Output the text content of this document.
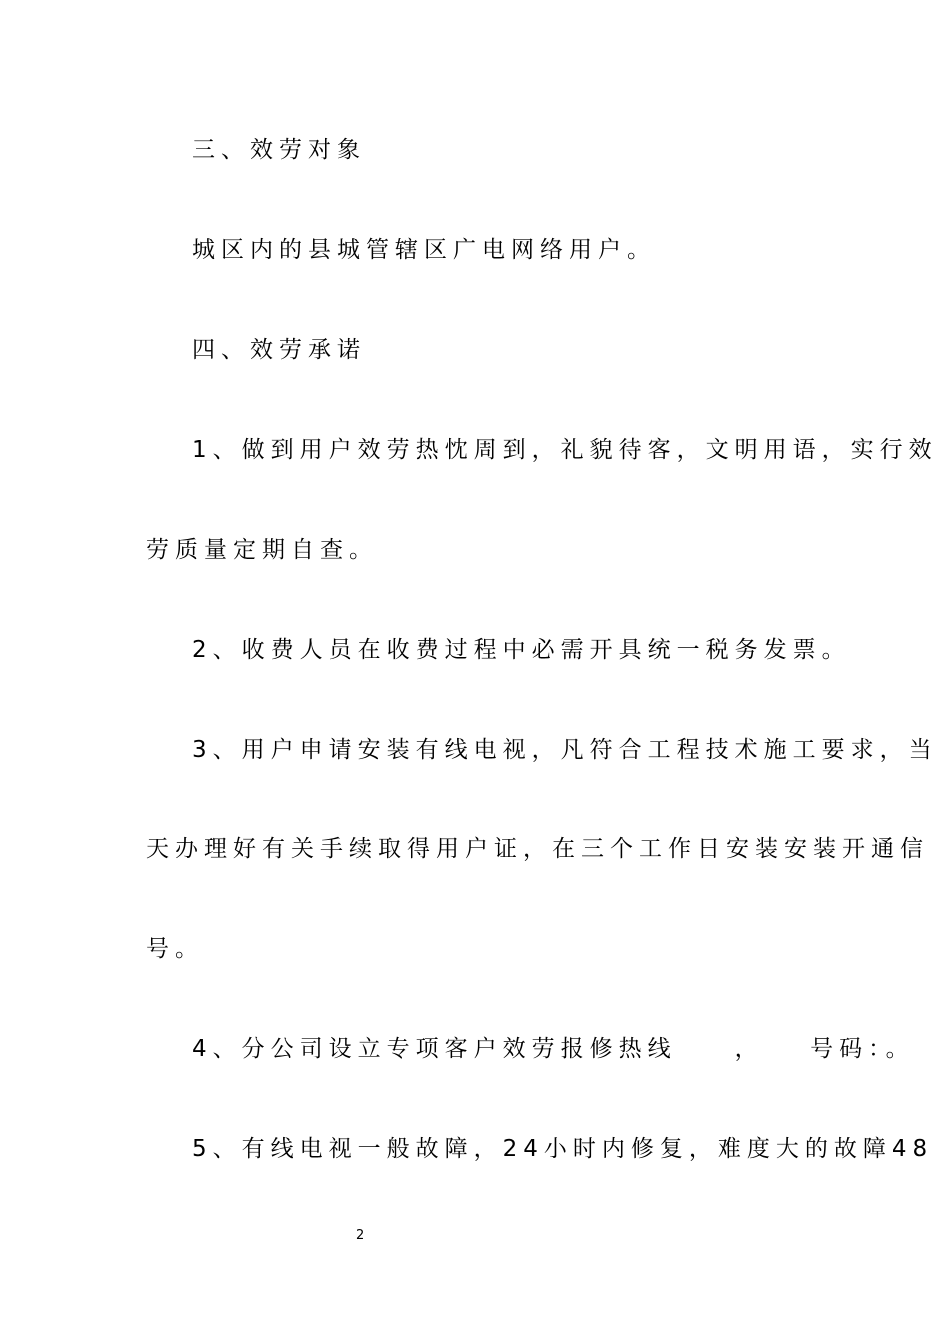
三、效劳对象
城区内的县城管辖区广电网络用户。
四、效劳承诺
1、做到用户效劳热忱周到，礼貌待客，文明用语，实行效
劳质量定期自查。
2、收费人员在收费过程中必需开具统一税务发票。
3、用户申请安装有线电视，凡符合工程技术施工要求，当
天办理好有关手续取得用户证，在三个工作日安装安装开通信
号。
4、分公司设立专项客户效劳报修热线　　，　　号码：。
5、有线电视一般故障，24小时内修复，难度大的故障48
2
